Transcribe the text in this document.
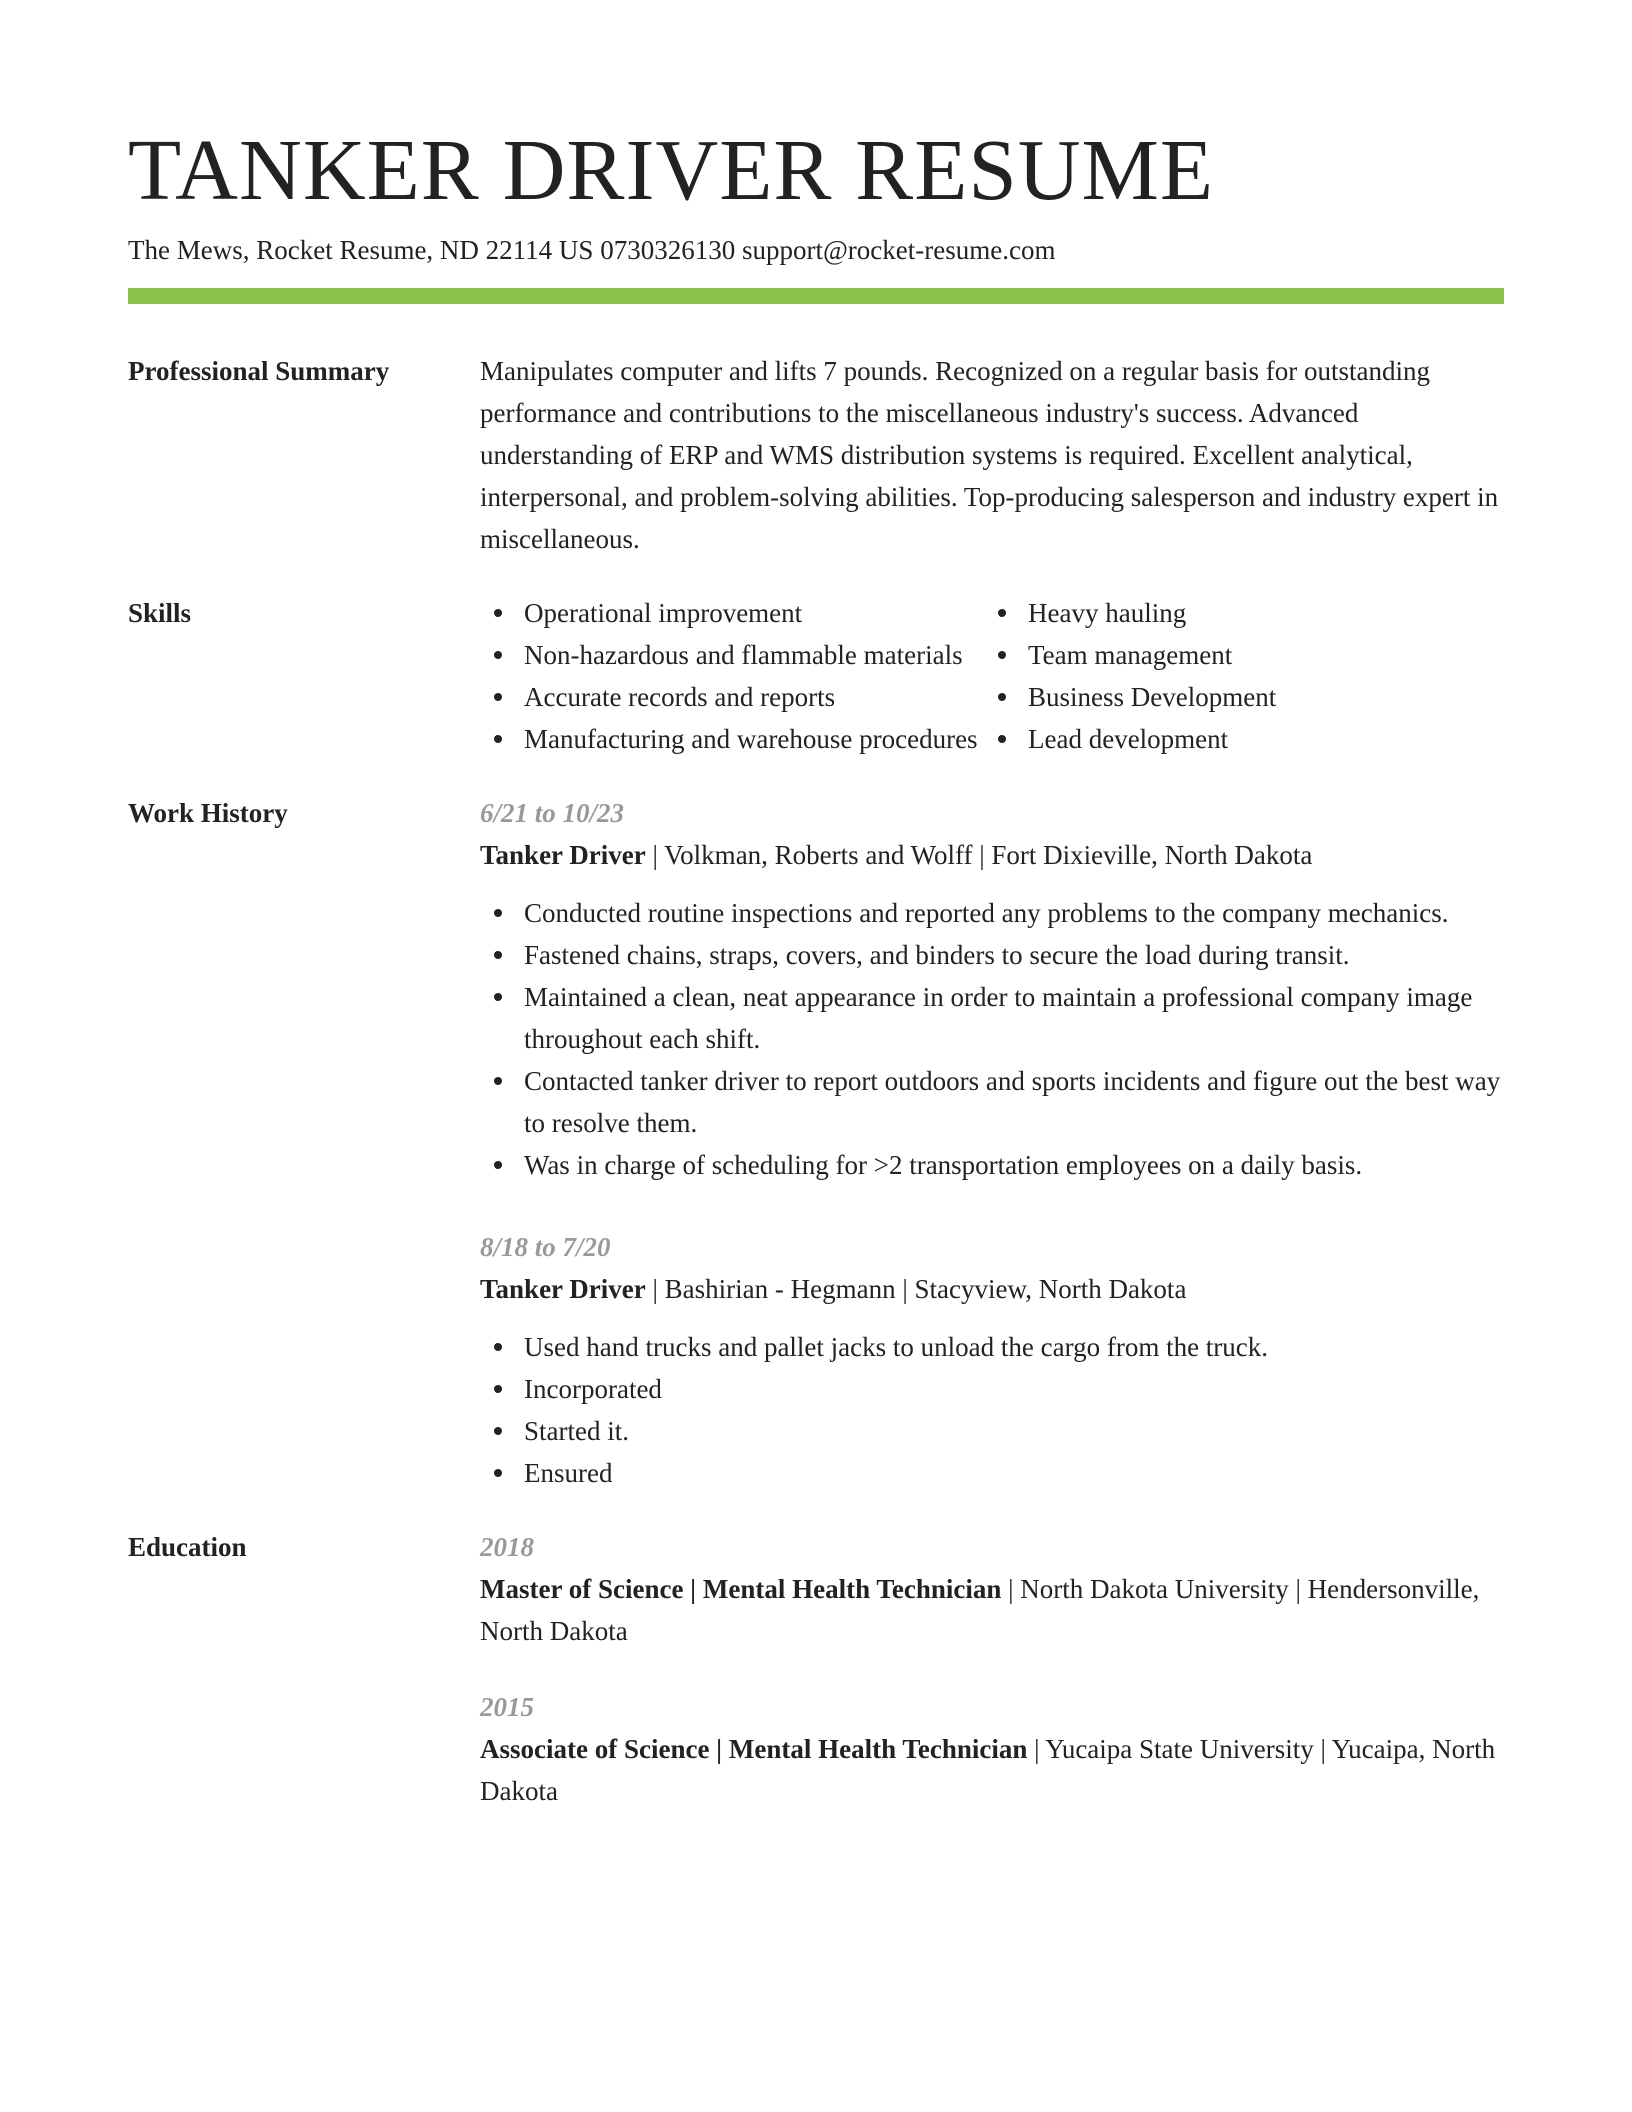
TANKER DRIVER RESUME
The Mews, Rocket Resume, ND 22114 US 0730326130 support@rocket-resume.com
Professional Summary	Manipulates computer and lifts 7 pounds. Recognized on a regular basis for outstanding performance and contributions to the miscellaneous industry's success. Advanced understanding of ERP and WMS distribution systems is required. Excellent analytical, interpersonal, and problem-solving abilities. Top-producing salesperson and industry expert in miscellaneous.
Skills	Operational improvement
Non-hazardous and flammable materials
Accurate records and reports
Manufacturing and warehouse procedures
Heavy hauling
Team management
Business Development
Lead development
Work History	6/21 to 10/23
Tanker Driver | Volkman, Roberts and Wolff | Fort Dixieville, North Dakota
Conducted routine inspections and reported any problems to the company mechanics.
Fastened chains, straps, covers, and binders to secure the load during transit.
Maintained a clean, neat appearance in order to maintain a professional company image throughout each shift.
Contacted tanker driver to report outdoors and sports incidents and figure out the best way to resolve them.
Was in charge of scheduling for >2 transportation employees on a daily basis.
8/18 to 7/20
Tanker Driver | Bashirian - Hegmann | Stacyview, North Dakota
Used hand trucks and pallet jacks to unload the cargo from the truck.
Incorporated
Started it.
Ensured
Education	2018
Master of Science | Mental Health Technician | North Dakota University | Hendersonville, North Dakota
2015
Associate of Science | Mental Health Technician | Yucaipa State University | Yucaipa, North Dakota
